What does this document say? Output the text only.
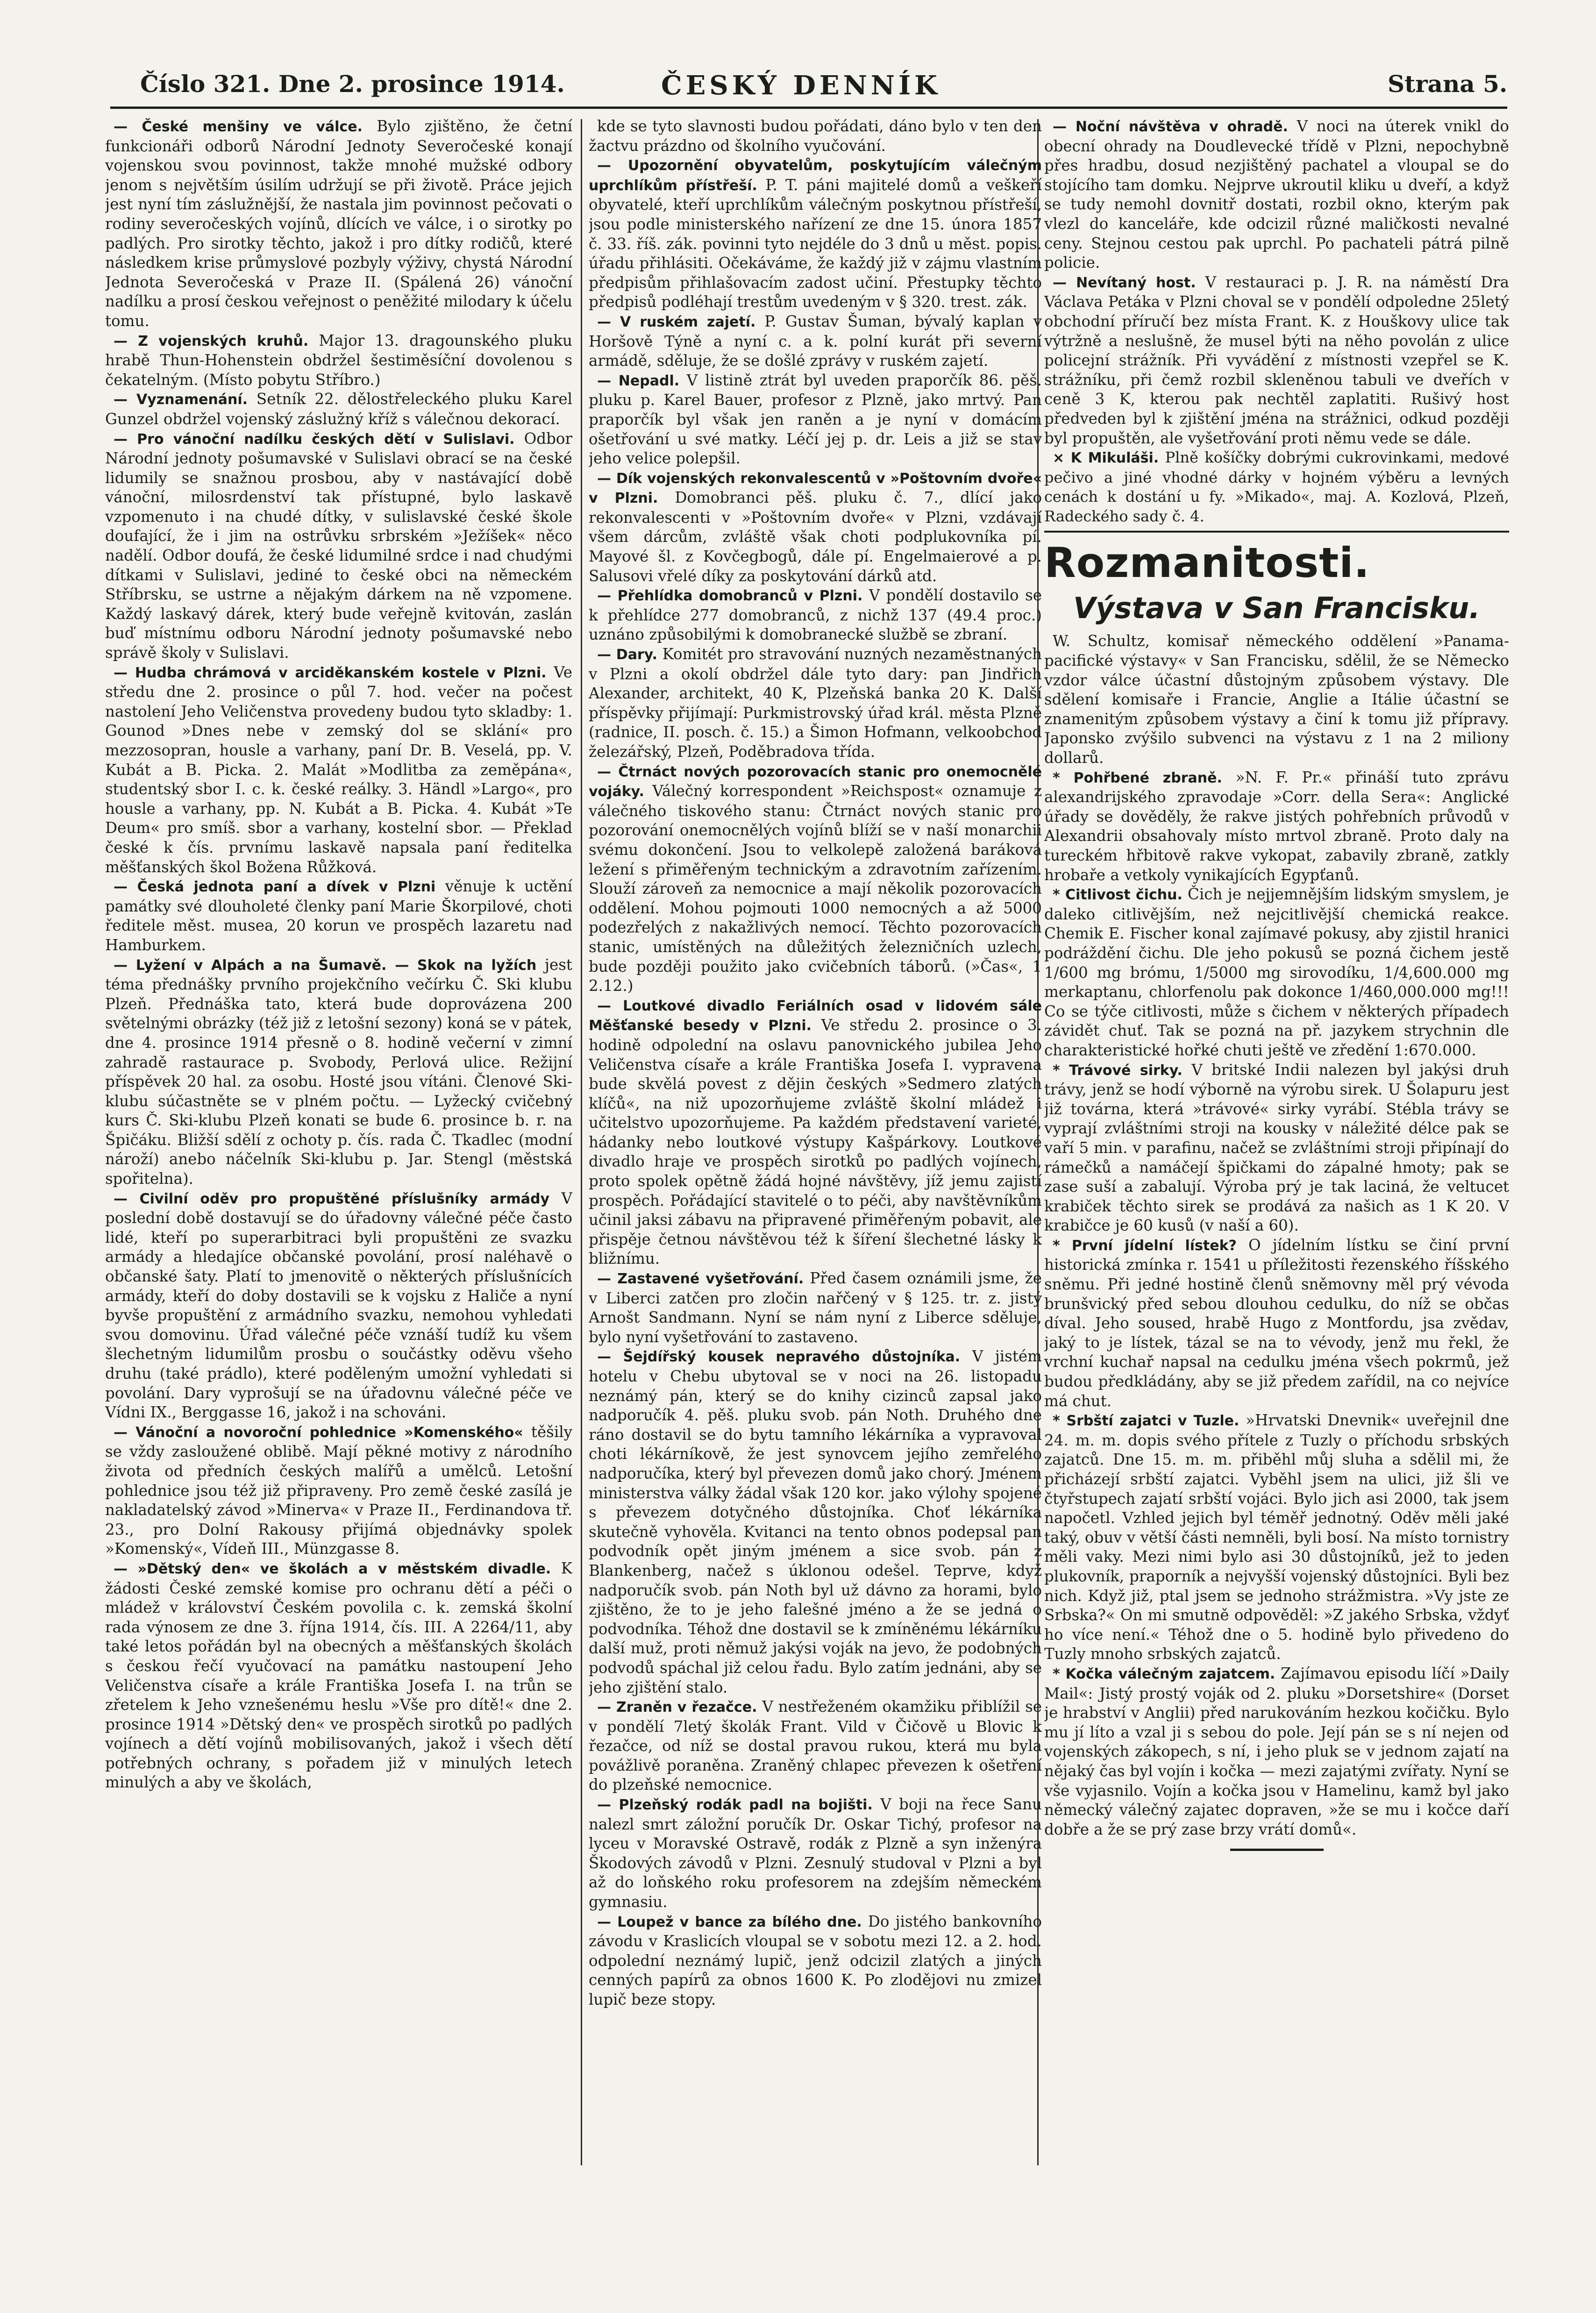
Číslo 321. Dne 2. prosince 1914.	ČESKÝ DENNÍK	Strana 5.

— České menšiny ve válce. Bylo zjištěno, že četní funkcionáři odborů Národní Jednoty Severočeské konají vojenskou svou povinnost, takže mnohé mužské odbory jenom s největším úsilím udržují se při životě. Práce jejich jest nyní tím záslužnější, že nastala jim povinnost pečovati o rodiny severočeských vojínů, dlících ve válce, i o sirotky po padlých. Pro sirotky těchto, jakož i pro dítky rodičů, které následkem krise průmyslové pozbyly výživy, chystá Národní Jednota Severočeská v Praze II. (Spálená 26) vánoční nadílku a prosí českou veřejnost o peněžité milodary k účelu tomu.

— Z vojenských kruhů. Major 13. dragounského pluku hrabě Thun-Hohenstein obdržel šestiměsíční dovolenou s čekatelným. (Místo pobytu Stříbro.)

— Vyznamenání. Setník 22. dělostřeleckého pluku Karel Gunzel obdržel vojenský záslužný kříž s válečnou dekorací.

— Pro vánoční nadílku českých dětí v Sulislavi. Odbor Národní jednoty pošumavské v Sulislavi obrací se na české lidumily se snažnou prosbou, aby v nastávající době vánoční, milosrdenství tak přístupné, bylo laskavě vzpomenuto i na chudé dítky, v sulislavské české škole doufající, že i jim na ostrůvku srbrském »Ježíšek« něco nadělí. Odbor doufá, že české lidumilné srdce i nad chudými dítkami v Sulislavi, jediné to české obci na německém Stříbrsku, se ustrne a nějakým dárkem na ně vzpomene. Každý laskavý dárek, který bude veřejně kvitován, zaslán buď místnímu odboru Národní jednoty pošumavské nebo správě školy v Sulislavi.

— Hudba chrámová v arciděkanském kostele v Plzni. Ve středu dne 2. prosince o půl 7. hod. večer na počest nastolení Jeho Veličenstva provedeny budou tyto skladby: 1. Gounod »Dnes nebe v zemský dol se sklání« pro mezzosopran, housle a varhany, paní Dr. B. Veselá, pp. V. Kubát a B. Picka. 2. Malát »Modlitba za zeměpána«, studentský sbor I. c. k. české reálky. 3. Händl »Largo«, pro housle a varhany, pp. N. Kubát a B. Picka. 4. Kubát »Te Deum« pro smíš. sbor a varhany, kostelní sbor. — Překlad české k čís. prvnímu laskavě napsala paní ředitelka měšťanských škol Božena Růžková.

— Česká jednota paní a dívek v Plzni věnuje k uctění památky své dlouholeté členky paní Marie Škorpilové, choti ředitele měst. musea, 20 korun ve prospěch lazaretu nad Hamburkem.

— Lyžení v Alpách a na Šumavě. — Skok na lyžích jest téma přednášky prvního projekčního večírku Č. Ski klubu Plzeň. Přednáška tato, která bude doprovázena 200 světelnými obrázky (též již z letošní sezony) koná se v pátek, dne 4. prosince 1914 přesně o 8. hodině večerní v zimní zahradě rastaurace p. Svobody, Perlová ulice. Režijní příspěvek 20 hal. za osobu. Hosté jsou vítáni. Členové Ski-klubu súčastněte se v plném počtu. — Lyžecký cvičebný kurs Č. Ski-klubu Plzeň konati se bude 6. prosince b. r. na Špičáku. Bližší sdělí z ochoty p. čís. rada Č. Tkadlec (modní nároží) anebo náčelník Ski-klubu p. Jar. Stengl (městská spořitelna).

— Civilní oděv pro propuštěné příslušníky armády V poslední době dostavují se do úřadovny válečné péče často lidé, kteří po superarbitraci byli propuštěni ze svazku armády a hledajíce občanské povolání, prosí naléhavě o občanské šaty. Platí to jmenovitě o některých příslušnících armády, kteří do doby dostavili se k vojsku z Haliče a nyní byvše propuštění z armádního svazku, nemohou vyhledati svou domovinu. Úřad válečné péče vznáší tudíž ku všem šlechetným lidumilům prosbu o součástky oděvu všeho druhu (také prádlo), které poděleným umožní vyhledati si povolání. Dary vyprošují se na úřadovnu válečné péče ve Vídni IX., Berggasse 16, jakož i na schováni.

— Vánoční a novoroční pohlednice »Komenského« těšily se vždy zasloužené oblibě. Mají pěkné motivy z národního života od předních českých malířů a umělců. Letošní pohlednice jsou též již připraveny. Pro země české zasílá je nakladatelský závod »Minerva« v Praze II., Ferdinandova tř. 23., pro Dolní Rakousy přijímá objednávky spolek »Komenský«, Vídeň III., Münzgasse 8.

— »Dětský den« ve školách a v městském divadle. K žádosti České zemské komise pro ochranu dětí a péči o mládež v království Českém povolila c. k. zemská školní rada výnosem ze dne 3. října 1914, čís. III. A 2264/11, aby také letos pořádán byl na obecných a měšťanských školách s českou řečí vyučovací na památku nastoupení Jeho Veličenstva císaře a krále Františka Josefa I. na trůn se zřetelem k Jeho vznešenému heslu »Vše pro dítě!« dne 2. prosince 1914 »Dětský den« ve prospěch sirotků po padlých vojínech a dětí vojínů mobilisovaných, jakož i všech dětí potřebných ochrany, s pořadem již v minulých letech minulých a aby ve školách,

kde se tyto slavnosti budou pořádati, dáno bylo v ten den žactvu prázdno od školního vyučování.

— Upozornění obyvatelům, poskytujícím válečným uprchlíkům přístřeší. P. T. páni majitelé domů a veškeří obyvatelé, kteří uprchlíkům válečným poskytnou přístřeší, jsou podle ministerského nařízení ze dne 15. února 1857 č. 33. říš. zák. povinni tyto nejdéle do 3 dnů u měst. popis. úřadu přihlásiti. Očekáváme, že každý již v zájmu vlastním předpisům přihlašovacím zadost učiní. Přestupky těchto předpisů podléhají trestům uvedeným v § 320. trest. zák.

— V ruském zajetí. P. Gustav Šuman, bývalý kaplan v Horšově Týně a nyní c. a k. polní kurát při severní armádě, sděluje, že se došlé zprávy v ruském zajetí.

— Nepadl. V listině ztrát byl uveden praporčík 86. pěš. pluku p. Karel Bauer, profesor z Plzně, jako mrtvý. Pan praporčík byl však jen raněn a je nyní v domácím ošetřování u své matky. Léčí jej p. dr. Leis a již se stav jeho velice polepšil.

— Dík vojenských rekonvalescentů v »Poštovním dvoře« v Plzni. Domobranci pěš. pluku č. 7., dlící jako rekonvalescenti v »Poštovním dvoře« v Plzni, vzdávají všem dárcům, zvláště však choti podplukovníka pí. Mayové šl. z Kovčegbogů, dále pí. Engelmaierové a p. Salusovi vřelé díky za poskytování dárků atd.

— Přehlídka domobranců v Plzni. V pondělí dostavilo se k přehlídce 277 domobranců, z nichž 137 (49.4 proc.) uznáno způsobilými k domobranecké službě se zbraní.

— Dary. Komitét pro stravování nuzných nezaměstnaných v Plzni a okolí obdržel dále tyto dary: pan Jindřich Alexander, architekt, 40 K, Plzeňská banka 20 K. Další příspěvky přijímají: Purkmistrovský úřad král. města Plzně (radnice, II. posch. č. 15.) a Šimon Hofmann, velkoobchod železářský, Plzeň, Poděbradova třída.

— Čtrnáct nových pozorovacích stanic pro onemocnělé vojáky. Válečný korrespondent »Reichspost« oznamuje z válečného tiskového stanu: Čtrnáct nových stanic pro pozorování onemocnělých vojínů blíží se v naší monarchii svému dokončení. Jsou to velkolepě založená baráková ležení s přiměřeným technickým a zdravotním zařízením. Slouží zároveň za nemocnice a mají několik pozorovacích oddělení. Mohou pojmouti 1000 nemocných a až 5000 podezřelých z nakažlivých nemocí. Těchto pozorovacích stanic, umístěných na důležitých železničních uzlech, bude později použito jako cvičebních táborů. (»Čas«, 1 2.12.)

— Loutkové divadlo Feriálních osad v lidovém sále Měšťanské besedy v Plzni. Ve středu 2. prosince o 3. hodině odpolední na oslavu panovnického jubilea Jeho Veličenstva císaře a krále Františka Josefa I. vypravena bude skvělá povest z dějin českých »Sedmero zlatých klíčů«, na niž upozorňujeme zvláště školní mládež i učitelstvo upozorňujeme. Pa každém představení varieté, hádanky nebo loutkové výstupy Kašpárkovy. Loutkové divadlo hraje ve prospěch sirotků po padlých vojínech, proto spolek opětně žádá hojné návštěvy, jíž jemu zajistí prospěch. Pořádající stavitelé o to péči, aby navštěvníkům učinil jaksi zábavu na připravené přiměřeným pobavit, ale přispěje četnou návštěvou též k šíření šlechetné lásky k bližnímu.

— Zastavené vyšetřování. Před časem oznámili jsme, že v Liberci zatčen pro zločin nařčený v § 125. tr. z. jistý Arnošt Sandmann. Nyní se nám nyní z Liberce sděluje, bylo nyní vyšetřování to zastaveno.

— Šejdířský kousek nepravého důstojníka. V jistém hotelu v Chebu ubytoval se v noci na 26. listopadu neznámý pán, který se do knihy cizinců zapsal jako nadporučík 4. pěš. pluku svob. pán Noth. Druhého dne ráno dostavil se do bytu tamního lékárníka a vypravoval choti lékárníkově, že jest synovcem jejího zemřelého nadporučíka, který byl převezen domů jako chorý. Jménem ministerstva války žádal však 120 kor. jako výlohy spojené s převezem dotyčného důstojníka. Choť lékárníka skutečně vyhověla. Kvitanci na tento obnos podepsal pan podvodník opět jiným jménem a sice svob. pán z Blankenberg, načež s úklonou odešel. Teprve, když nadporučík svob. pán Noth byl už dávno za horami, bylo zjištěno, že to je jeho falešné jméno a že se jedná o podvodníka. Téhož dne dostavil se k zmíněnému lékárníku další muž, proti němuž jakýsi voják na jevo, že podobných podvodů spáchal již celou řadu. Bylo zatím jednáni, aby se jeho zjištění stalo.

— Zraněn v řezačce. V nestřeženém okamžiku přiblížil se v pondělí 7letý školák Frant. Vild v Čičově u Blovic k řezačce, od níž se dostal pravou rukou, která mu byla povážlivě poraněna. Zraněný chlapec převezen k ošetření do plzeňské nemocnice.

— Plzeňský rodák padl na bojišti. V boji na řece Sanu nalezl smrt záložní poručík Dr. Oskar Tichý, profesor na lyceu v Moravské Ostravě, rodák z Plzně a syn inženýra Škodových závodů v Plzni. Zesnulý studoval v Plzni a byl až do loňského roku profesorem na zdejším německém gymnasiu.

— Loupež v bance za bílého dne. Do jistého bankovního závodu v Kraslicích vloupal se v sobotu mezi 12. a 2. hod. odpolední neznámý lupič, jenž odcizil zlatých a jiných cenných papírů za obnos 1600 K. Po zlodějovi nu zmizel lupič beze stopy.

— Noční návštěva v ohradě. V noci na úterek vnikl do obecní ohrady na Doudlevecké třídě v Plzni, nepochybně přes hradbu, dosud nezjištěný pachatel a vloupal se do stojícího tam domku. Nejprve ukroutil kliku u dveří, a když se tudy nemohl dovnitř dostati, rozbil okno, kterým pak vlezl do kanceláře, kde odcizil různé maličkosti nevalné ceny. Stejnou cestou pak uprchl. Po pachateli pátrá pilně policie.

— Nevítaný host. V restauraci p. J. R. na náměstí Dra Václava Petáka v Plzni choval se v pondělí odpoledne 25letý obchodní příručí bez místa Frant. K. z Houškovy ulice tak výtržně a neslušně, že musel býti na něho povolán z ulice policejní strážník. Při vyvádění z místnosti vzepřel se K. strážníku, při čemž rozbil skleněnou tabuli ve dveřích v ceně 3 K, kterou pak nechtěl zaplatiti. Rušivý host předveden byl k zjištění jména na strážnici, odkud později byl propuštěn, ale vyšetřování proti němu vede se dále.

× K Mikuláši. Plně košíčky dobrými cukrovinkami, medové pečivo a jiné vhodné dárky v hojném výběru a levných cenách k dostání u fy. »Mikado«, maj. A. Kozlová, Plzeň, Radeckého sady č. 4.

Rozmanitosti.
Výstava v San Francisku.

W. Schultz, komisař německého oddělení »Panama-pacifické výstavy« v San Francisku, sdělil, že se Německo vzdor válce účastní důstojným způsobem výstavy. Dle sdělení komisaře i Francie, Anglie a Itálie účastní se znamenitým způsobem výstavy a činí k tomu již přípravy. Japonsko zvýšilo subvenci na výstavu z 1 na 2 miliony dollarů.

* Pohřbené zbraně. »N. F. Pr.« přináší tuto zprávu alexandrijského zpravodaje »Corr. della Sera«: Anglické úřady se dověděly, že rakve jistých pohřebních průvodů v Alexandrii obsahovaly místo mrtvol zbraně. Proto daly na tureckém hřbitově rakve vykopat, zabavily zbraně, zatkly hrobaře a vetkoly vynikajících Egypťanů.

* Citlivost čichu. Čich je nejjemnějším lidským smyslem, je daleko citlivějším, než nejcitlivější chemická reakce. Chemik E. Fischer konal zajímavé pokusy, aby zjistil hranici podráždění čichu. Dle jeho pokusů se pozná čichem jestě 1/600 mg brómu, 1/5000 mg sirovodíku, 1/4,600.000 mg merkaptanu, chlorfenolu pak dokonce 1/460,000.000 mg!!! Co se týče citlivosti, může s čichem v některých případech závidět chuť. Tak se pozná na př. jazykem strychnin dle charakteristické hořké chuti ještě ve zředění 1:670.000.

* Trávové sirky. V britské Indii nalezen byl jakýsi druh trávy, jenž se hodí výborně na výrobu sirek. U Šolapuru jest již továrna, která »trávové« sirky vyrábí. Stébla trávy se vyprají zvláštními stroji na kousky v náležité délce pak se vaří 5 min. v parafinu, načež se zvláštními stroji připínají do rámečků a namáčejí špičkami do zápalné hmoty; pak se zase suší a zabalují. Výroba prý je tak laciná, že veltucet krabiček těchto sirek se prodává za našich as 1 K 20. V krabičce je 60 kusů (v naší a 60).

* První jídelní lístek? O jídelním lístku se činí první historická zmínka r. 1541 u příležitosti řezenského říšského sněmu. Při jedné hostině členů sněmovny měl prý vévoda brunšvický před sebou dlouhou cedulku, do níž se občas díval. Jeho soused, hrabě Hugo z Montfordu, jsa zvědav, jaký to je lístek, tázal se na to vévody, jenž mu řekl, že vrchní kuchař napsal na cedulku jména všech pokrmů, jež budou předkládány, aby se již předem zařídil, na co nejvíce má chut.

* Srbští zajatci v Tuzle. »Hrvatski Dnevnik« uveřejnil dne 24. m. m. dopis svého přítele z Tuzly o příchodu srbských zajatců. Dne 15. m. m. přiběhl můj sluha a sdělil mi, že přicházejí srbští zajatci. Vyběhl jsem na ulici, již šli ve čtyřstupech zajatí srbští vojáci. Bylo jich asi 2000, tak jsem napočetl. Vzhled jejich byl téměř jednotný. Oděv měli jaké taký, obuv v větší části nemněli, byli bosí. Na místo tornistry měli vaky. Mezi nimi bylo asi 30 důstojníků, jež to jeden plukovník, praporník a nejvyšší vojenský důstojníci. Byli bez nich. Když již, ptal jsem se jednoho strážmistra. »Vy jste ze Srbska?« On mi smutně odpověděl: »Z jakého Srbska, vždyť ho více není.« Téhož dne o 5. hodině bylo přivedeno do Tuzly mnoho srbských zajatců.

* Kočka válečným zajatcem. Zajímavou episodu líčí »Daily Mail«: Jistý prostý voják od 2. pluku »Dorsetshire« (Dorset je hrabství v Anglii) před narukováním hezkou kočičku. Bylo mu jí líto a vzal ji s sebou do pole. Její pán se s ní nejen od vojenských zákopech, s ní, i jeho pluk se v jednom zajatí na nějaký čas byl vojín i kočka — mezi zajatými zvířaty. Nyní se vše vyjasnilo. Vojín a kočka jsou v Hamelinu, kamž byl jako německý válečný zajatec dopraven, »že se mu i kočce daří dobře a že se prý zase brzy vrátí domů«.
